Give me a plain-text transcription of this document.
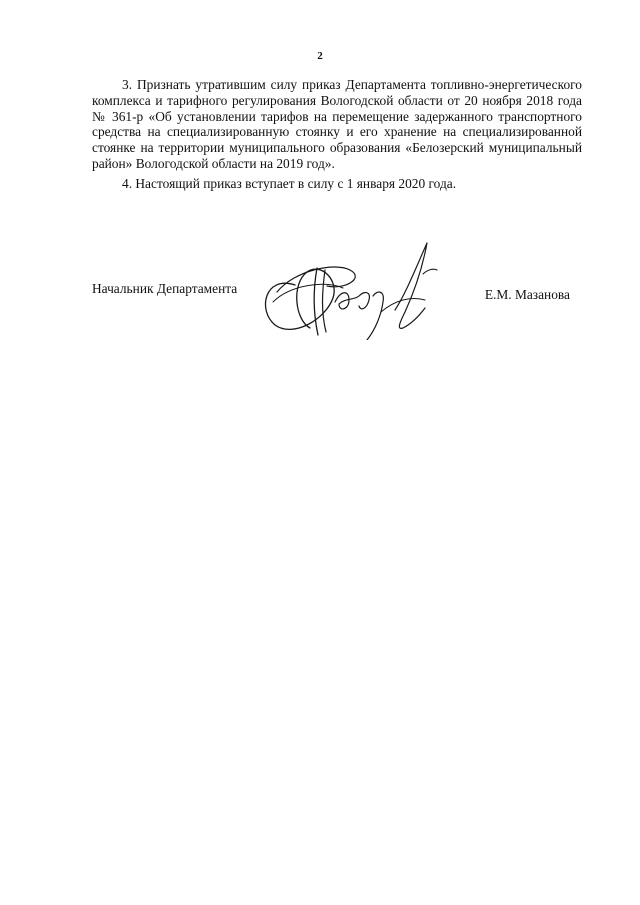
2

3. Признать утратившим силу приказ Департамента топливно-энергетического комплекса и тарифного регулирования Вологодской области от 20 ноября 2018 года № 361-р «Об установлении тарифов на перемещение задержанного транспортного средства на специализированную стоянку и его хранение на специализированной стоянке на территории муниципального образования «Белозерский муниципальный район» Вологодской области на 2019 год».

4. Настоящий приказ вступает в силу с 1 января 2020 года.

Начальник Департамента	Е.М. Мазанова
